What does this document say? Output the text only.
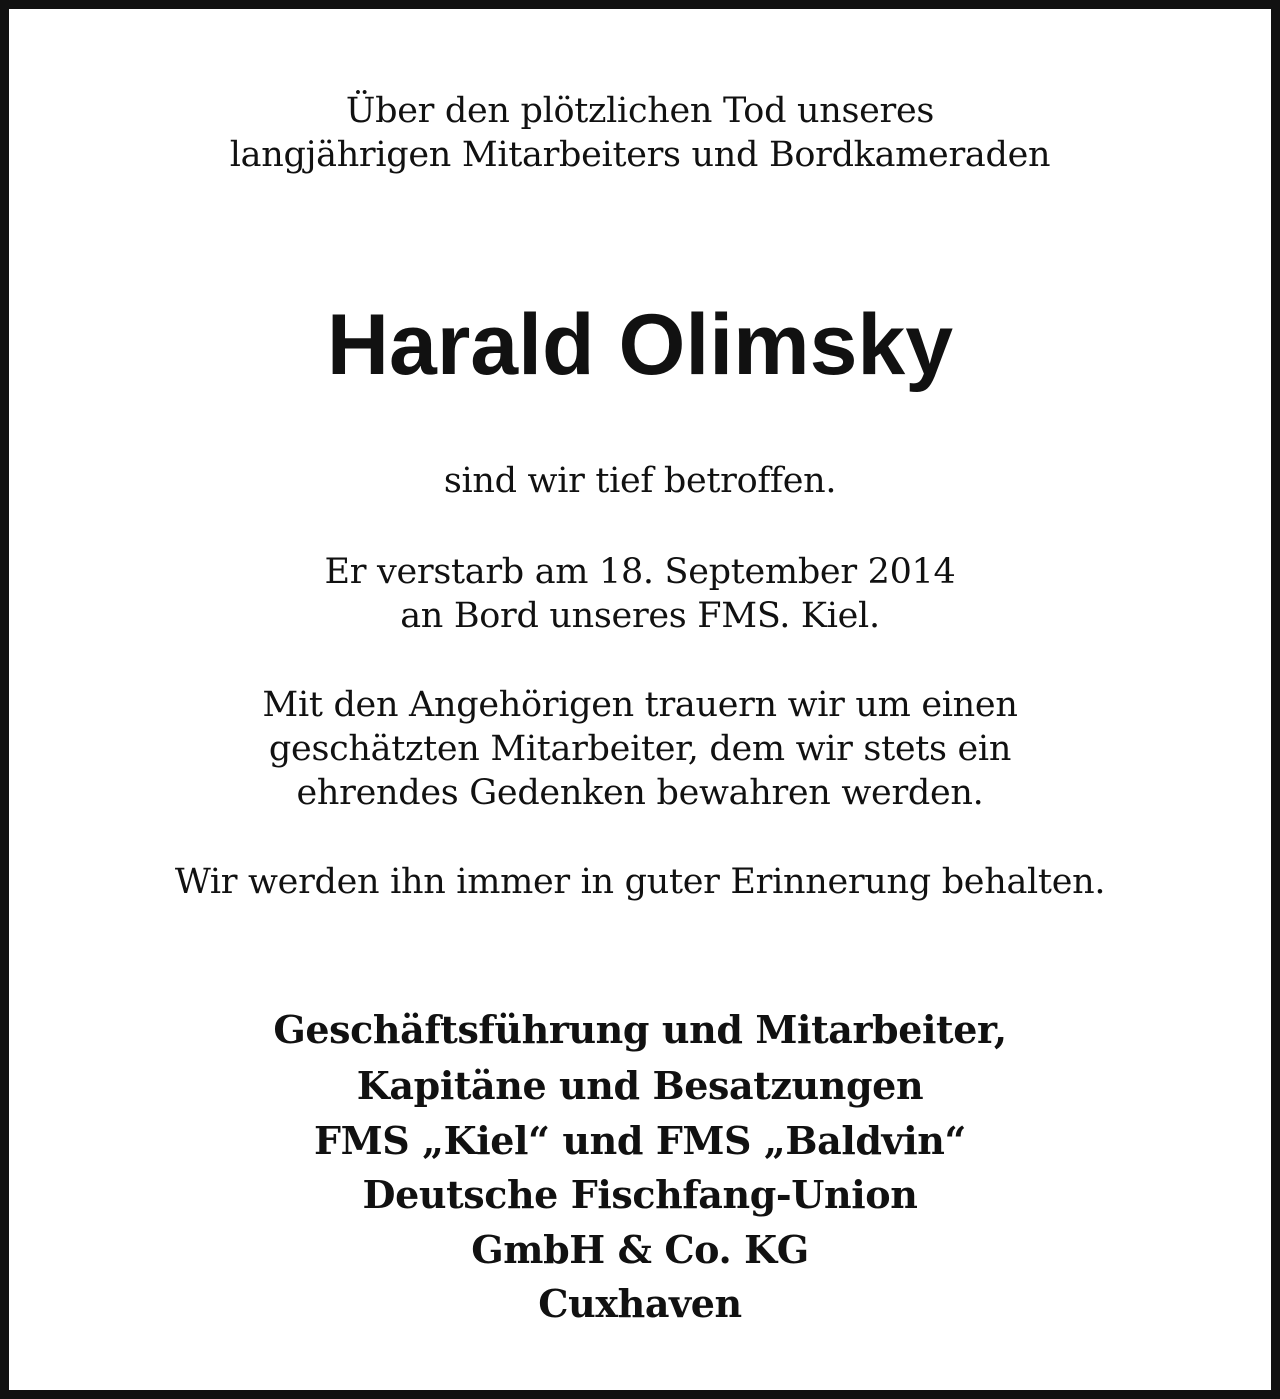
Über den plötzlichen Tod unseres
langjährigen Mitarbeiters und Bordkameraden
Harald Olimsky
sind wir tief betroffen.
Er verstarb am 18. September 2014
an Bord unseres FMS. Kiel.
Mit den Angehörigen trauern wir um einen
geschätzten Mitarbeiter, dem wir stets ein
ehrendes Gedenken bewahren werden.
Wir werden ihn immer in guter Erinnerung behalten.
Geschäftsführung und Mitarbeiter,
Kapitäne und Besatzungen
FMS „Kiel“ und FMS „Baldvin“
Deutsche Fischfang-Union
GmbH & Co. KG
Cuxhaven
